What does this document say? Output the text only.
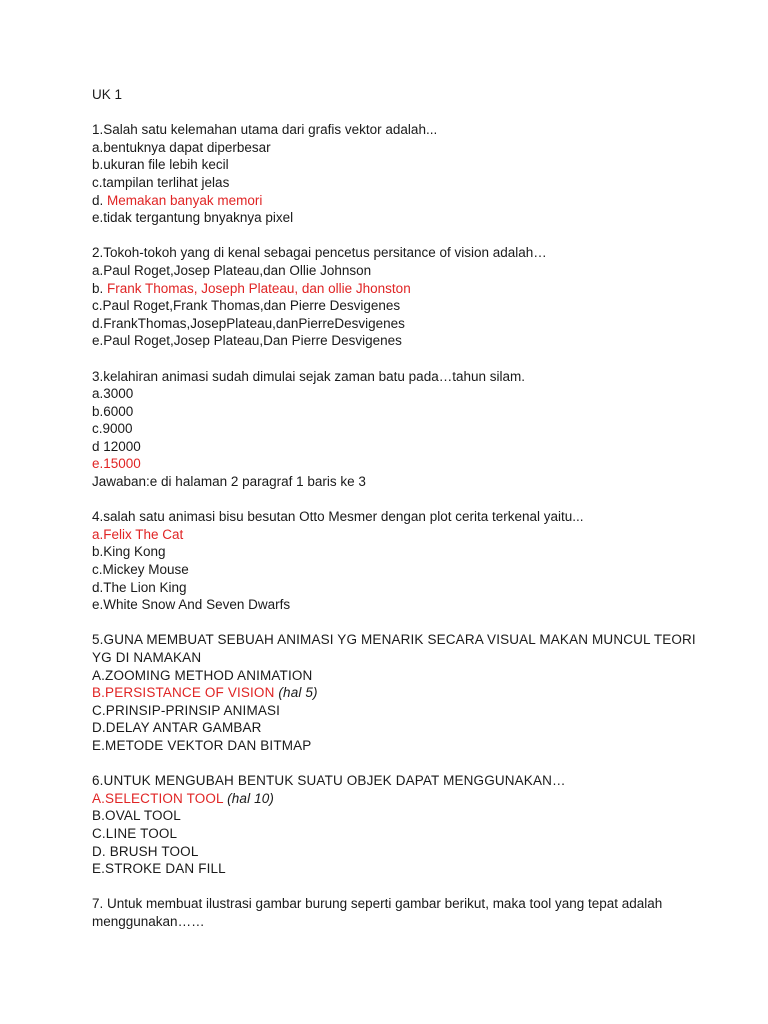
UK 1
1.Salah satu kelemahan utama dari grafis vektor adalah...
a.bentuknya dapat diperbesar
b.ukuran file lebih kecil
c.tampilan terlihat jelas
d. Memakan banyak memori
e.tidak tergantung bnyaknya pixel
2.Tokoh-tokoh yang di kenal sebagai pencetus persitance of vision adalah…
a.Paul Roget,Josep Plateau,dan Ollie Johnson
b. Frank Thomas, Joseph Plateau, dan ollie Jhonston
c.Paul Roget,Frank Thomas,dan Pierre Desvigenes
d.FrankThomas,JosepPlateau,danPierreDesvigenes
e.Paul Roget,Josep Plateau,Dan Pierre Desvigenes
3.kelahiran animasi sudah dimulai sejak zaman batu pada…tahun silam.
a.3000
b.6000
c.9000
d 12000
e.15000
Jawaban:e di halaman 2 paragraf 1 baris ke 3
4.salah satu animasi bisu besutan Otto Mesmer dengan plot cerita terkenal yaitu...
a.Felix The Cat
b.King Kong
c.Mickey Mouse
d.The Lion King
e.White Snow And Seven Dwarfs
5.GUNA MEMBUAT SEBUAH ANIMASI YG MENARIK SECARA VISUAL MAKAN MUNCUL TEORI YG DI NAMAKAN
A.ZOOMING METHOD ANIMATION
B.PERSISTANCE OF VISION (hal 5)
C.PRINSIP-PRINSIP ANIMASI
D.DELAY ANTAR GAMBAR
E.METODE VEKTOR DAN BITMAP
6.UNTUK MENGUBAH BENTUK SUATU OBJEK DAPAT MENGGUNAKAN…
A.SELECTION TOOL (hal 10)
B.OVAL TOOL
C.LINE TOOL
D. BRUSH TOOL
E.STROKE DAN FILL
7. Untuk membuat ilustrasi gambar burung seperti gambar berikut, maka tool yang tepat adalah menggunakan……
